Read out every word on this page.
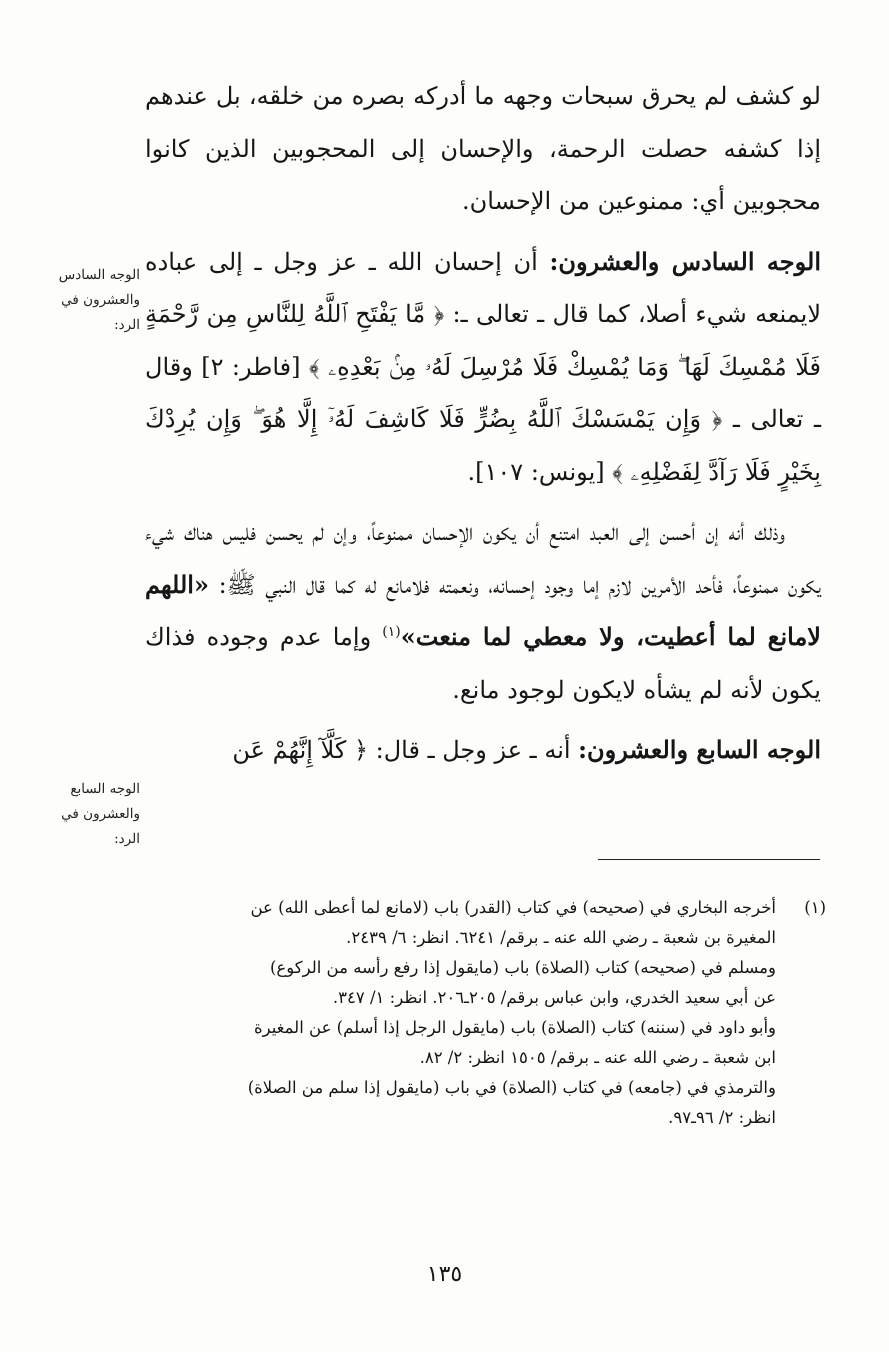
لو كشف لم يحرق سبحات وجهه ما أدركه بصره من خلقه، بل عندهم إذا كشفه حصلت الرحمة، والإحسان إلى المحجوبين الذين كانوا محجوبين أي: ممنوعين من الإحسان.

الوجه السادس والعشرون: أن إحسان الله ـ عز وجل ـ إلى عباده لايمنعه شيء أصلا، كما قال ـ تعالى ـ: ﴿ مَّا يَفْتَحِ ٱللَّهُ لِلنَّاسِ مِن رَّحْمَةٍ فَلَا مُمْسِكَ لَهَا ۖ وَمَا يُمْسِكْ فَلَا مُرْسِلَ لَهُۥ مِنۢ بَعْدِهِۦ ﴾ [فاطر: ٢] وقال ـ تعالى ـ ﴿ وَإِن يَمْسَسْكَ ٱللَّهُ بِضُرٍّ فَلَا كَاشِفَ لَهُۥٓ إِلَّا هُوَ ۖ وَإِن يُرِدْكَ بِخَيْرٍ فَلَا رَآدَّ لِفَضْلِهِۦ ﴾ [يونس: ١٠٧].

وذلك أنه إن أحسن إلى العبد امتنع أن يكون الإحسان ممنوعاً، وإن لم يحسن فليس هناك شيء يكون ممنوعاً، فأحد الأمرين لازم إما وجود إحسانه، ونعمته فلامانع له كما قال النبي ﷺ: «اللهم لامانع لما أعطيت، ولا معطي لما منعت»$^{(١)}$ وإما عدم وجوده فذاك يكون لأنه لم يشأه لايكون لوجود مانع.

الوجه السابع والعشرون: أنه ـ عز وجل ـ قال: ﴿ كَلَّآ إِنَّهُمْ عَن

الوجه السادس
والعشرون في
الرد:
الوجه السابع
والعشرون في
الرد:
(١)
أخرجه البخاري في (صحيحه) في كتاب (القدر) باب (لامانع لما أعطى الله) عن
المغيرة بن شعبة ـ رضي الله عنه ـ برقم/ ٦٢٤١. انظر: ٦/ ٢٤٣٩.
ومسلم في (صحيحه) كتاب (الصلاة) باب (مايقول إذا رفع رأسه من الركوع)
عن أبي سعيد الخدري، وابن عباس برقم/ ٢٠٥ـ٢٠٦. انظر: ١/ ٣٤٧.
وأبو داود في (سننه) كتاب (الصلاة) باب (مايقول الرجل إذا أسلم) عن المغيرة
ابن شعبة ـ رضي الله عنه ـ برقم/ ١٥٠٥ انظر: ٢/ ٨٢.
والترمذي في (جامعه) في كتاب (الصلاة) في باب (مايقول إذا سلم من الصلاة)
انظر: ٢/ ٩٦ـ٩٧.
١٣٥
